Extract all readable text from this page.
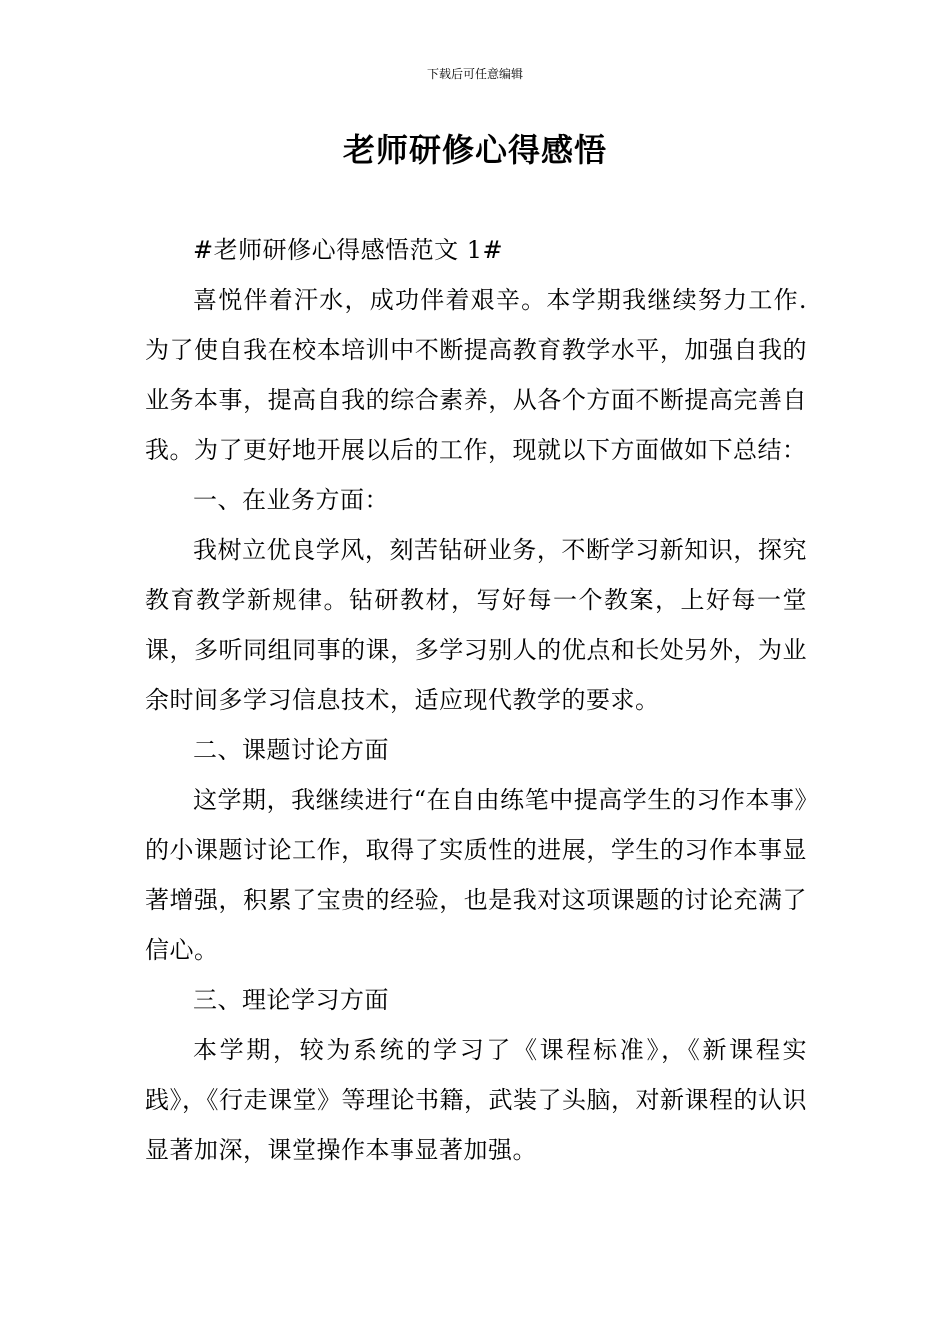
下载后可任意编辑
老师研修心得感悟

#老师研修心得感悟范文 1#

喜悦伴着汗水，成功伴着艰辛。本学期我继续努力工作. 为了使自我在校本培训中不断提高教育教学水平，加强自我的业务本事，提高自我的综合素养，从各个方面不断提高完善自我。为了更好地开展以后的工作，现就以下方面做如下总结：

一、在业务方面：

我树立优良学风，刻苦钻研业务，不断学习新知识，探究教育教学新规律。钻研教材，写好每一个教案，上好每一堂课，多听同组同事的课，多学习别人的优点和长处另外，为业余时间多学习信息技术，适应现代教学的要求。

二、课题讨论方面

这学期，我继续进行“在自由练笔中提高学生的习作本事》的小课题讨论工作，取得了实质性的进展，学生的习作本事显著增强，积累了宝贵的经验，也是我对这项课题的讨论充满了信心。

三、理论学习方面

本学期，较为系统的学习了《课程标准》，《新课程实践》，《行走课堂》等理论书籍，武装了头脑，对新课程的认识显著加深，课堂操作本事显著加强。
